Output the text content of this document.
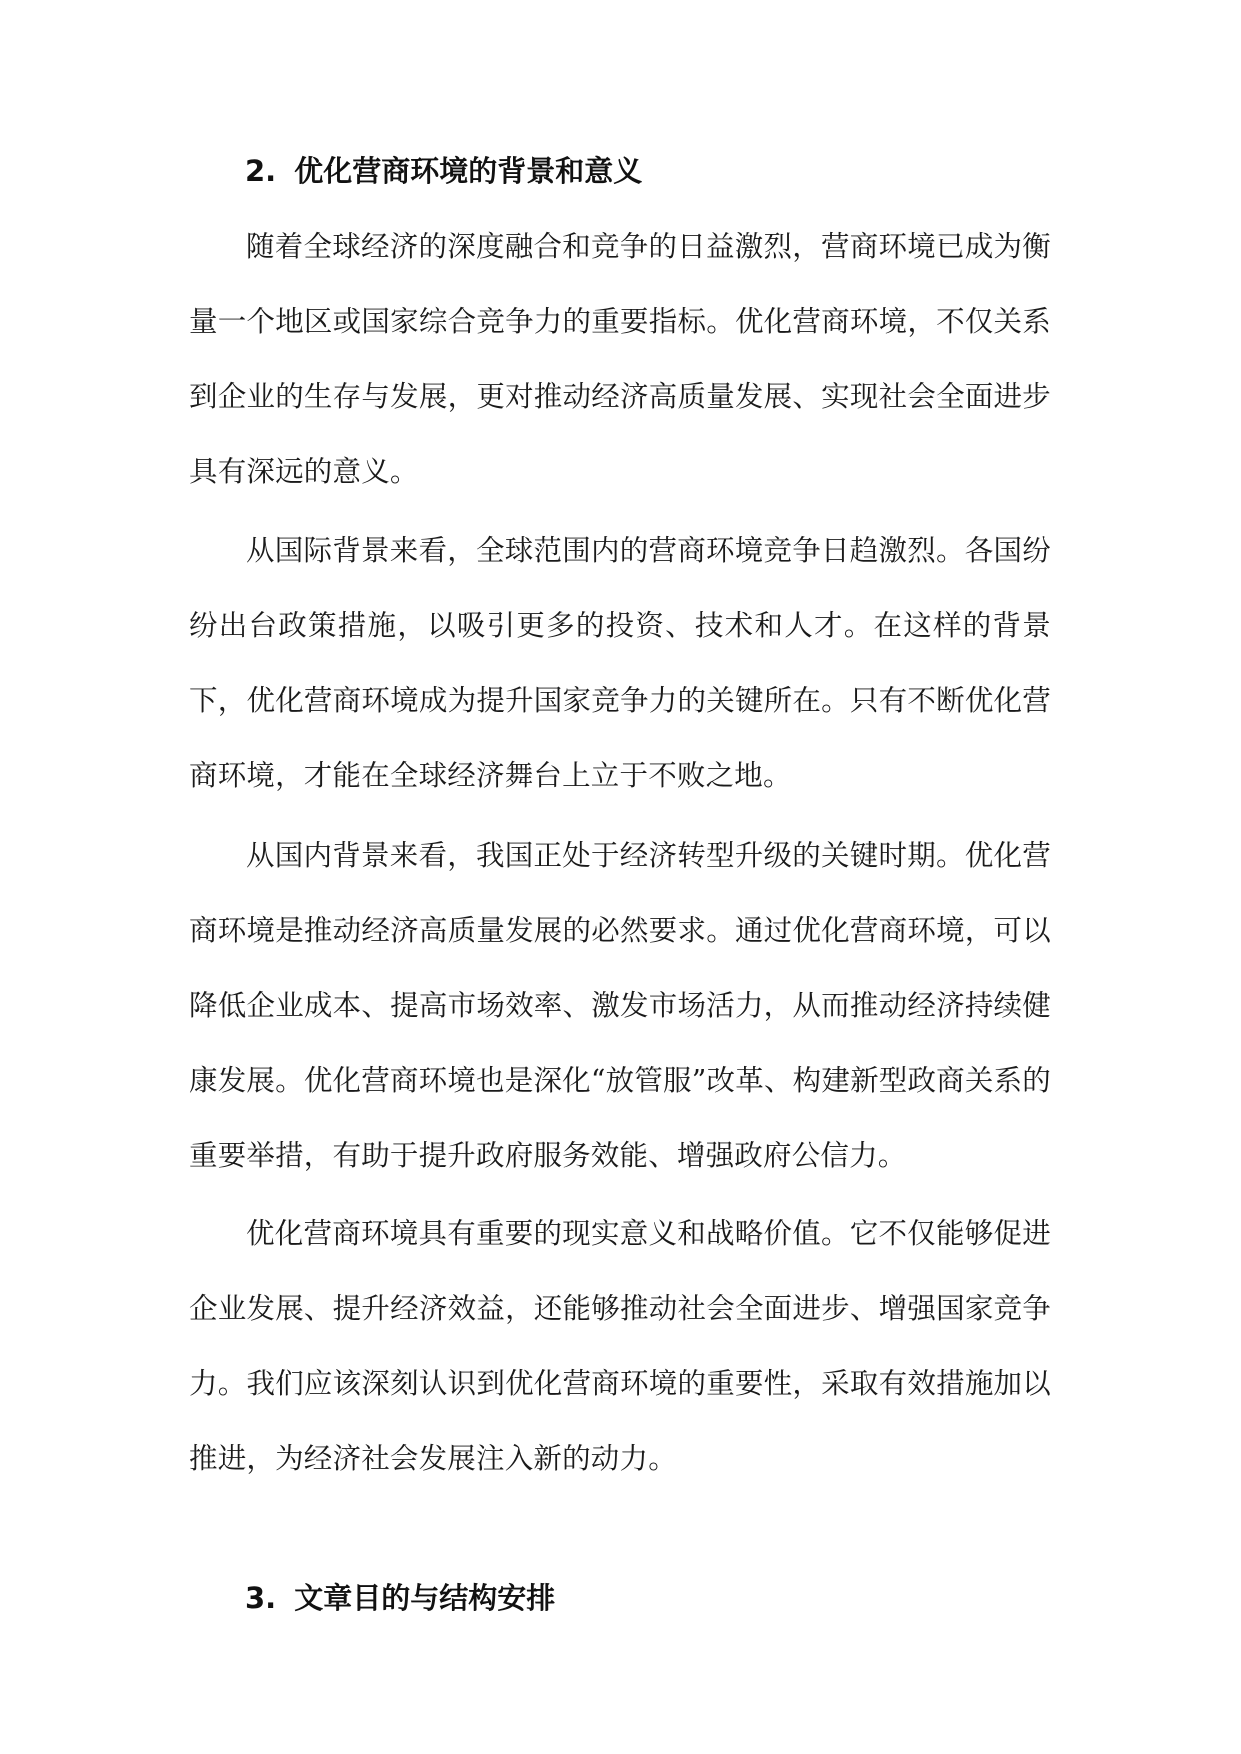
2. 优化营商环境的背景和意义

随着全球经济的深度融合和竞争的日益激烈，营商环境已成为衡量一个地区或国家综合竞争力的重要指标。优化营商环境，不仅关系到企业的生存与发展，更对推动经济高质量发展、实现社会全面进步具有深远的意义。

从国际背景来看，全球范围内的营商环境竞争日趋激烈。各国纷纷出台政策措施，以吸引更多的投资、技术和人才。在这样的背景下，优化营商环境成为提升国家竞争力的关键所在。只有不断优化营商环境，才能在全球经济舞台上立于不败之地。

从国内背景来看，我国正处于经济转型升级的关键时期。优化营商环境是推动经济高质量发展的必然要求。通过优化营商环境，可以降低企业成本、提高市场效率、激发市场活力，从而推动经济持续健康发展。优化营商环境也是深化“放管服”改革、构建新型政商关系的重要举措，有助于提升政府服务效能、增强政府公信力。

优化营商环境具有重要的现实意义和战略价值。它不仅能够促进企业发展、提升经济效益，还能够推动社会全面进步、增强国家竞争力。我们应该深刻认识到优化营商环境的重要性，采取有效措施加以推进，为经济社会发展注入新的动力。

3. 文章目的与结构安排
